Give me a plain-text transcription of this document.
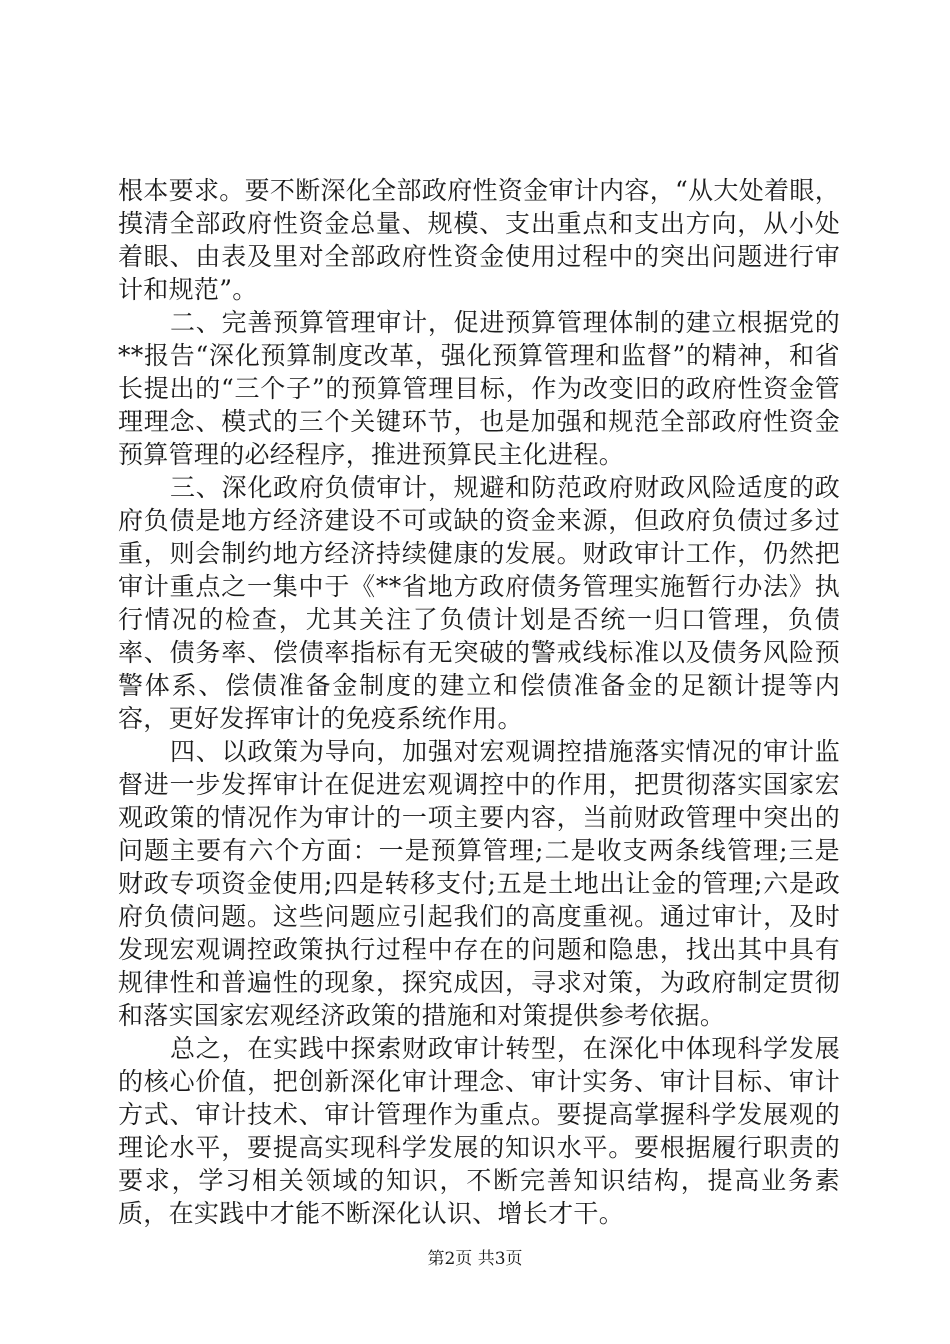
根本要求。要不断深化全部政府性资金审计内容，“从大处着眼，摸清全部政府性资金总量、规模、支出重点和支出方向，从小处着眼、由表及里对全部政府性资金使用过程中的突出问题进行审计和规范”。

二、完善预算管理审计，促进预算管理体制的建立根据党的**报告“深化预算制度改革，强化预算管理和监督”的精神，和省长提出的“三个子”的预算管理目标，作为改变旧的政府性资金管理理念、模式的三个关键环节，也是加强和规范全部政府性资金预算管理的必经程序，推进预算民主化进程。

三、深化政府负债审计，规避和防范政府财政风险适度的政府负债是地方经济建设不可或缺的资金来源，但政府负债过多过重，则会制约地方经济持续健康的发展。财政审计工作，仍然把审计重点之一集中于《**省地方政府债务管理实施暂行办法》执行情况的检查，尤其关注了负债计划是否统一归口管理，负债率、债务率、偿债率指标有无突破的警戒线标准以及债务风险预警体系、偿债准备金制度的建立和偿债准备金的足额计提等内容，更好发挥审计的免疫系统作用。

四、以政策为导向，加强对宏观调控措施落实情况的审计监督进一步发挥审计在促进宏观调控中的作用，把贯彻落实国家宏观政策的情况作为审计的一项主要内容，当前财政管理中突出的问题主要有六个方面：一是预算管理;二是收支两条线管理;三是财政专项资金使用;四是转移支付;五是土地出让金的管理;六是政府负债问题。这些问题应引起我们的高度重视。通过审计，及时发现宏观调控政策执行过程中存在的问题和隐患，找出其中具有规律性和普遍性的现象，探究成因，寻求对策，为政府制定贯彻和落实国家宏观经济政策的措施和对策提供参考依据。

总之，在实践中探索财政审计转型，在深化中体现科学发展的核心价值，把创新深化审计理念、审计实务、审计目标、审计方式、审计技术、审计管理作为重点。要提高掌握科学发展观的理论水平，要提高实现科学发展的知识水平。要根据履行职责的要求，学习相关领域的知识，不断完善知识结构，提高业务素质，在实践中才能不断深化认识、增长才干。

第2页 共3页
